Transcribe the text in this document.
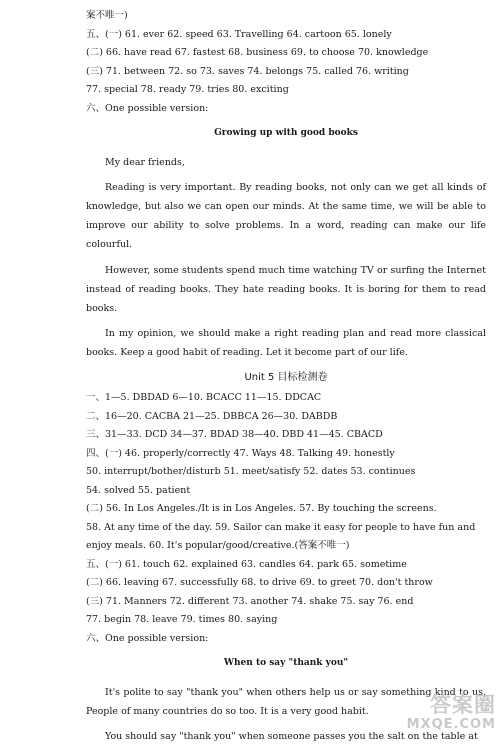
案不唯一)
五、(一) 61. ever 62. speed 63. Travelling 64. cartoon 65. lonely
(二) 66. have read 67. fastest 68. business 69. to choose 70. knowledge
(三) 71. between 72. so 73. saves 74. belongs 75. called 76. writing
77. special 78. ready 79. tries 80. exciting
六、One possible version:
Growing up with good books
My dear friends,
Reading is very important. By reading books, not only can we get all kinds of knowledge, but also we can open our minds. At the same time, we will be able to improve our ability to solve problems. In a word, reading can make our life colourful.
However, some students spend much time watching TV or surfing the Internet instead of reading books. They hate reading books. It is boring for them to read books.
In my opinion, we should make a right reading plan and read more classical books. Keep a good habit of reading. Let it become part of our life.
Unit 5 目标检测卷
一、1—5. DBDAD 6—10. BCACC 11—15. DDCAC
二、16—20. CACBA 21—25. DBBCA 26—30. DABDB
三、31—33. DCD 34—37. BDAD 38—40. DBD 41—45. CBACD
四、(一) 46. properly/correctly 47. Ways 48. Talking 49. honestly
50. interrupt/bother/disturb 51. meet/satisfy 52. dates 53. continues
54. solved 55. patient
(二) 56. In Los Angeles./It is in Los Angeles. 57. By touching the screens.
58. At any time of the day. 59. Sailor can make it easy for people to have fun and
enjoy meals. 60. It's popular/good/creative.(答案不唯一)
五、(一) 61. touch 62. explained 63. candles 64. park 65. sometime
(二) 66. leaving 67. successfully 68. to drive 69. to greet 70. don't throw
(三) 71. Manners 72. different 73. another 74. shake 75. say 76. end
77. begin 78. leave 79. times 80. saying
六、One possible version:
When to say "thank you"
It's polite to say "thank you" when others help us or say something kind to us. People of many countries do so too. It is a very good habit.
You should say "thank you" when someone passes you the salt on the table at
答案圈
MXQE.COM
